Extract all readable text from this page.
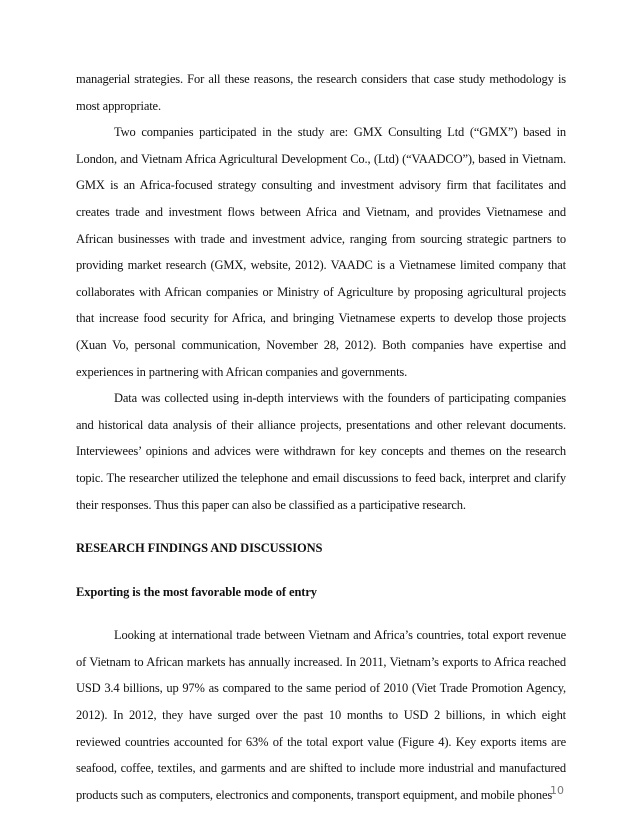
managerial strategies. For all these reasons, the research considers that case study methodology is most appropriate.

Two companies participated in the study are: GMX Consulting Ltd (“GMX”) based in London, and Vietnam Africa Agricultural Development Co., (Ltd) (“VAADCO”), based in Vietnam. GMX is an Africa-focused strategy consulting and investment advisory firm that facilitates and creates trade and investment flows between Africa and Vietnam, and provides Vietnamese and African businesses with trade and investment advice, ranging from sourcing strategic partners to providing market research (GMX, website, 2012). VAADC is a Vietnamese limited company that collaborates with African companies or Ministry of Agriculture by proposing agricultural projects that increase food security for Africa, and bringing Vietnamese experts to develop those projects (Xuan Vo, personal communication, November 28, 2012). Both companies have expertise and experiences in partnering with African companies and governments.

Data was collected using in-depth interviews with the founders of participating companies and historical data analysis of their alliance projects, presentations and other relevant documents. Interviewees’ opinions and advices were withdrawn for key concepts and themes on the research topic. The researcher utilized the telephone and email discussions to feed back, interpret and clarify their responses. Thus this paper can also be classified as a participative research.

RESEARCH FINDINGS AND DISCUSSIONS
Exporting is the most favorable mode of entry

Looking at international trade between Vietnam and Africa’s countries, total export revenue of Vietnam to African markets has annually increased. In 2011, Vietnam’s exports to Africa reached USD 3.4 billions, up 97% as compared to the same period of 2010 (Viet Trade Promotion Agency, 2012). In 2012, they have surged over the past 10 months to USD 2 billions, in which eight reviewed countries accounted for 63% of the total export value (Figure 4). Key exports items are seafood, coffee, textiles, and garments and are shifted to include more industrial and manufactured products such as computers, electronics and components, transport equipment, and mobile phones

10
